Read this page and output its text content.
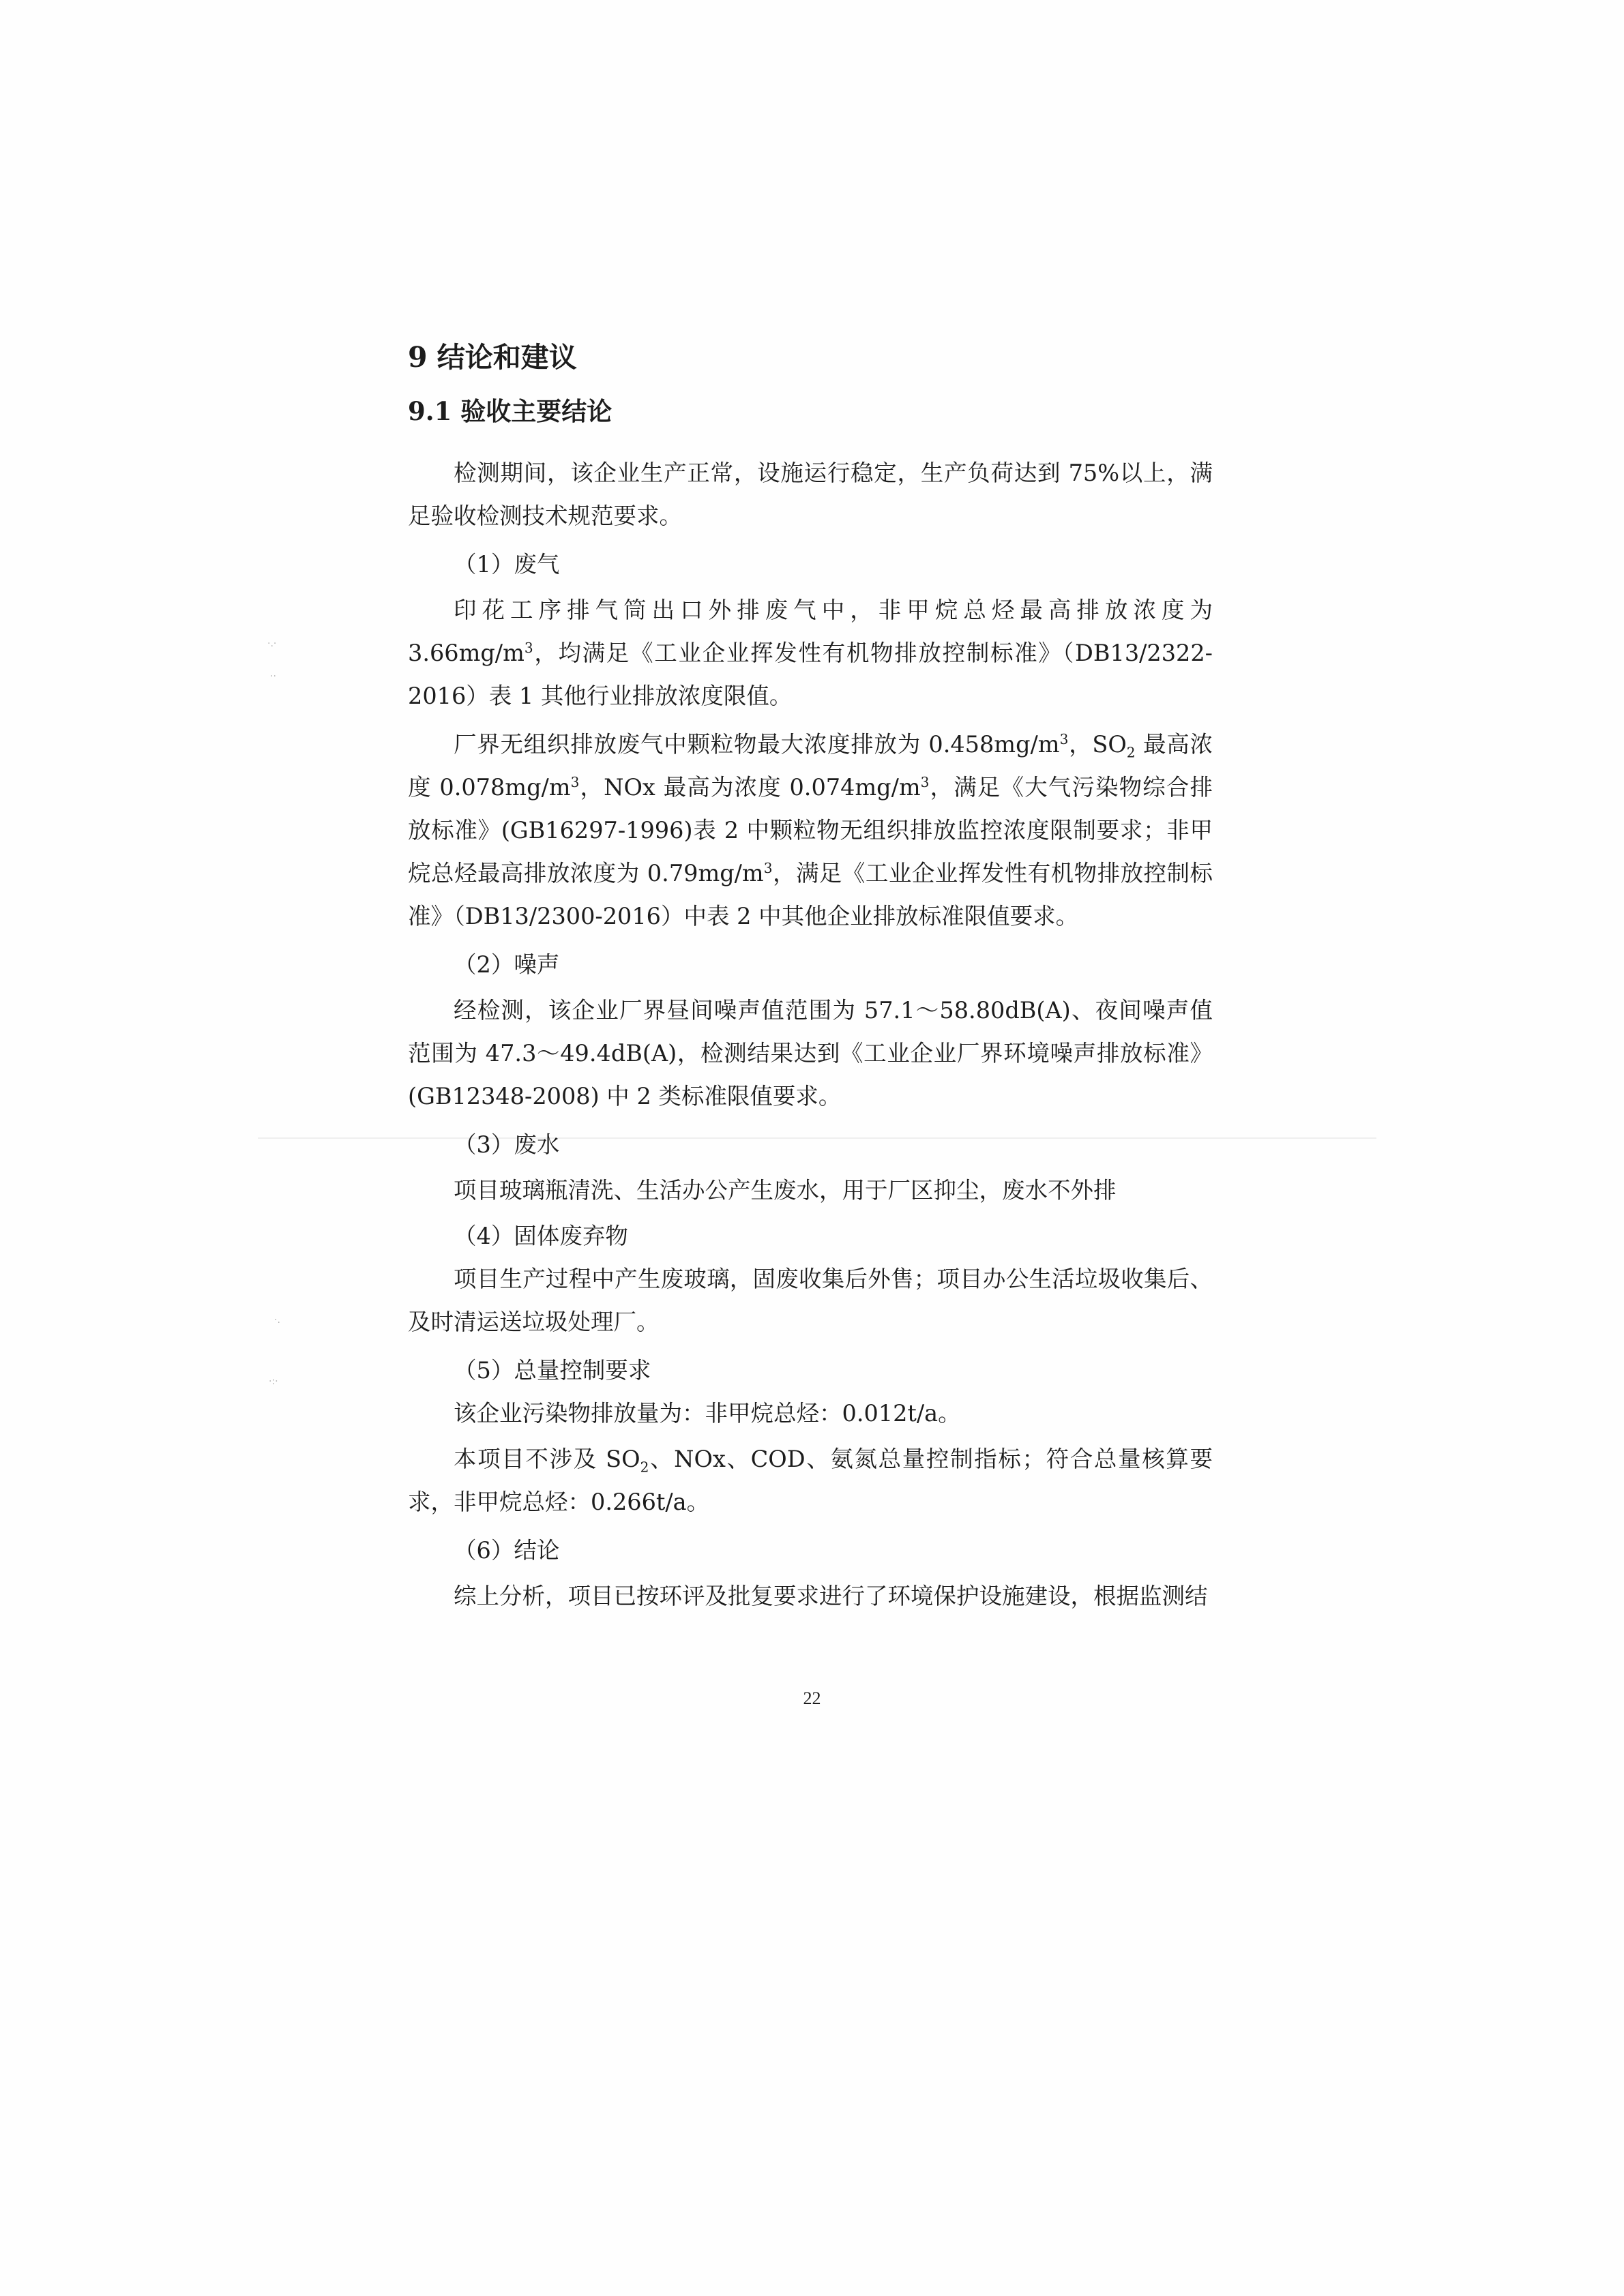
·.·
··
·.
·:·
9 结论和建议
9.1 验收主要结论

检测期间，该企业生产正常，设施运行稳定，生产负荷达到 75%以上，满足验收检测技术规范要求。

（1）废气

印花工序排气筒出口外排废气中，非甲烷总烃最高排放浓度为 $3.66mg/m^3$，均满足《工业企业挥发性有机物排放控制标准》（DB13/2322-2016）表 1 其他行业排放浓度限值。

厂界无组织排放废气中颗粒物最大浓度排放为 $0.458mg/m^3$，$SO_2$ 最高浓度 $0.078mg/m^3$，NOx 最高为浓度 $0.074mg/m^3$，满足《大气污染物综合排放标准》(GB16297-1996)表 2 中颗粒物无组织排放监控浓度限制要求；非甲烷总烃最高排放浓度为 $0.79mg/m^3$，满足《工业企业挥发性有机物排放控制标准》（DB13/2300-2016）中表 2 中其他企业排放标准限值要求。

（2）噪声

经检测，该企业厂界昼间噪声值范围为 57.1～58.80dB(A)、夜间噪声值范围为 47.3～49.4dB(A)，检测结果达到《工业企业厂界环境噪声排放标准》(GB12348-2008) 中 2 类标准限值要求。

（3）废水

项目玻璃瓶清洗、生活办公产生废水，用于厂区抑尘，废水不外排

（4）固体废弃物

项目生产过程中产生废玻璃，固废收集后外售；项目办公生活垃圾收集后、及时清运送垃圾处理厂。

（5）总量控制要求

该企业污染物排放量为：非甲烷总烃：0.012t/a。

本项目不涉及 $SO_2$、NOx、COD、氨氮总量控制指标；符合总量核算要求，非甲烷总烃：0.266t/a。

（6）结论

综上分析，项目已按环评及批复要求进行了环境保护设施建设，根据监测结

22
